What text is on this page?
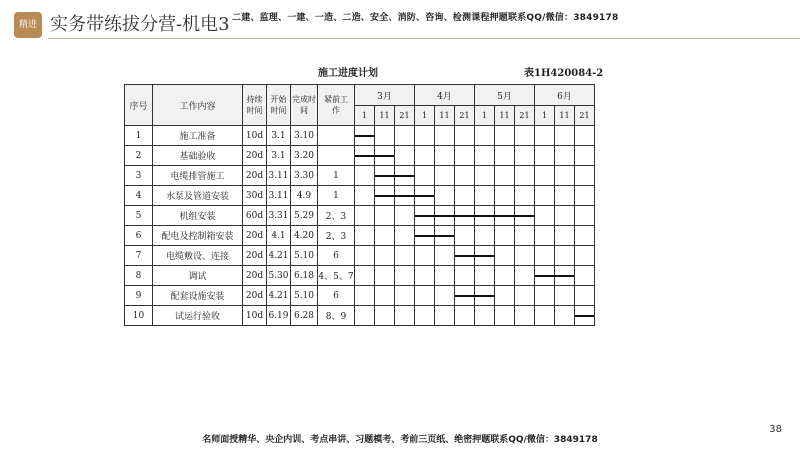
精进 实务带练拔分营-机电3 二建、监理、一建、一造、二造、安全、消防、咨询、检测课程押题联系QQ/微信：3849178
施工进度计划	表1H420084-2
序号	工作内容	持续时间	开始时间	完成时间	紧前工作	3月			4月			5月			6月		
						1	11	21	1	11	21	1	11	21	1	11	21
1	施工准备	10d	3.1	3.10		

2	基础验收	20d	3.1	3.20		

3	电缆排管施工	20d	3.11	3.30	1		

4	水泵及管道安装	30d	3.11	4.9	1		

5	机组安装	60d	3.31	5.29	2、3				

6	配电及控制箱安装	20d	4.1	4.20	2、3				

7	电缆敷设、连接	20d	4.21	5.10	6						

8	调试	20d	5.30	6.18	4、5、7										

9	配套设施安装	20d	4.21	5.10	6						

10	试运行验收	10d	6.19	6.28	8、9												
38
名师面授精华、央企内训、考点串讲、习题模考、考前三页纸、绝密押题联系QQ/微信：3849178
